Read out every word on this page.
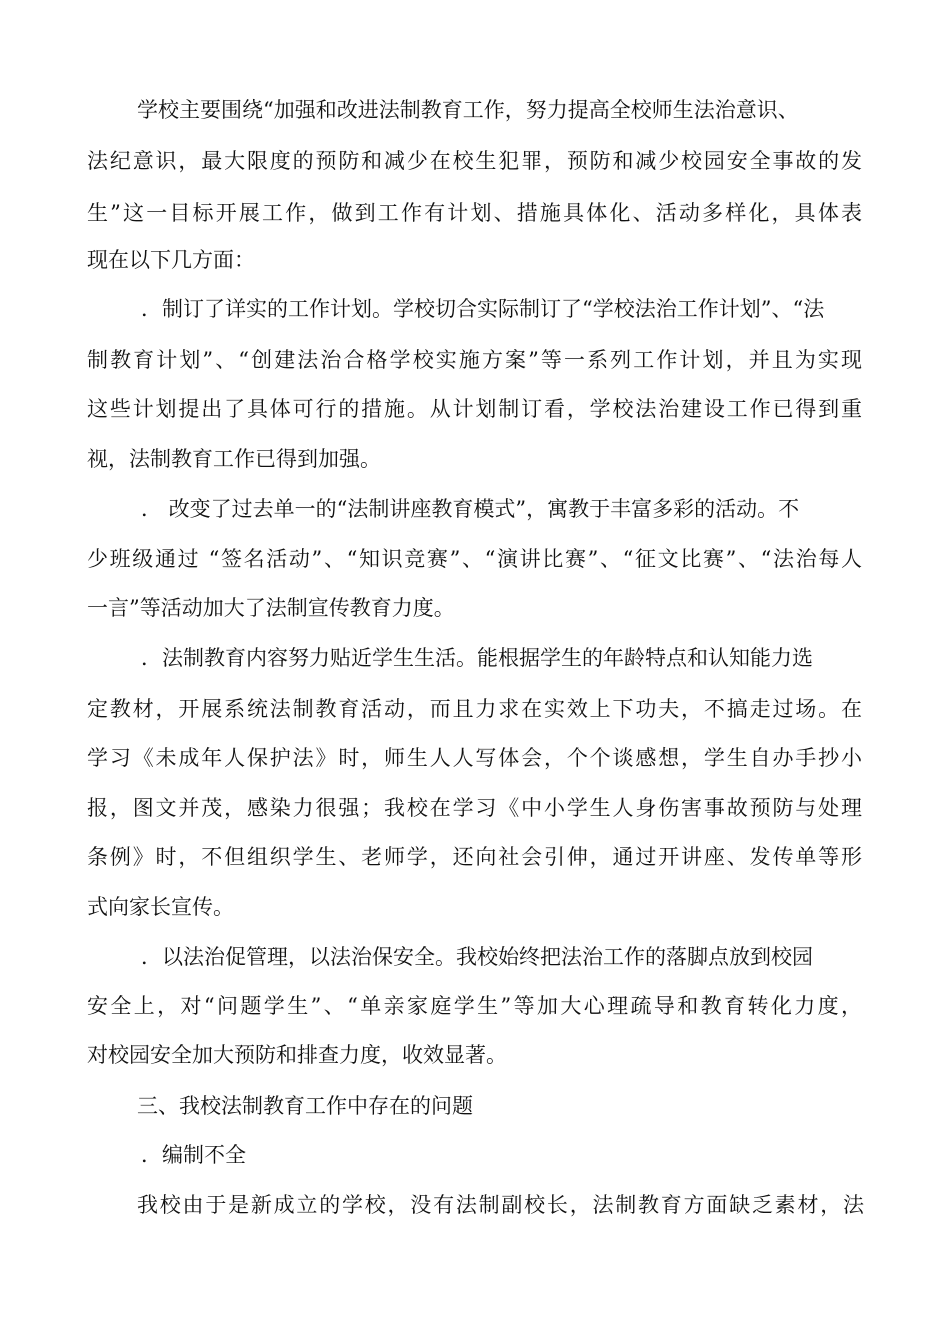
学校主要围绕“加强和改进法制教育工作，努力提高全校师生法治意识、
法纪意识，最大限度的预防和减少在校生犯罪，预防和减少校园安全事故的发
生”这一目标开展工作，做到工作有计划、措施具体化、活动多样化，具体表
现在以下几方面：
．制订了详实的工作计划。学校切合实际制订了“学校法治工作计划”、“法
制教育计划”、“创建法治合格学校实施方案”等一系列工作计划，并且为实现
这些计划提出了具体可行的措施。从计划制订看，学校法治建设工作已得到重
视，法制教育工作已得到加强。
． 改变了过去单一的“法制讲座教育模式”，寓教于丰富多彩的活动。不
少班级通过 “签名活动”、“知识竞赛”、“演讲比赛”、“征文比赛”、“法治每人
一言”等活动加大了法制宣传教育力度。
．法制教育内容努力贴近学生生活。能根据学生的年龄特点和认知能力选
定教材，开展系统法制教育活动，而且力求在实效上下功夫，不搞走过场。在
学习《未成年人保护法》时，师生人人写体会，个个谈感想，学生自办手抄小
报，图文并茂，感染力很强；我校在学习《中小学生人身伤害事故预防与处理
条例》时，不但组织学生、老师学，还向社会引伸，通过开讲座、发传单等形
式向家长宣传。
．以法治促管理，以法治保安全。我校始终把法治工作的落脚点放到校园
安全上，对“问题学生”、“单亲家庭学生”等加大心理疏导和教育转化力度，
对校园安全加大预防和排查力度，收效显著。
三、我校法制教育工作中存在的问题
．编制不全
我校由于是新成立的学校，没有法制副校长，法制教育方面缺乏素材，法
